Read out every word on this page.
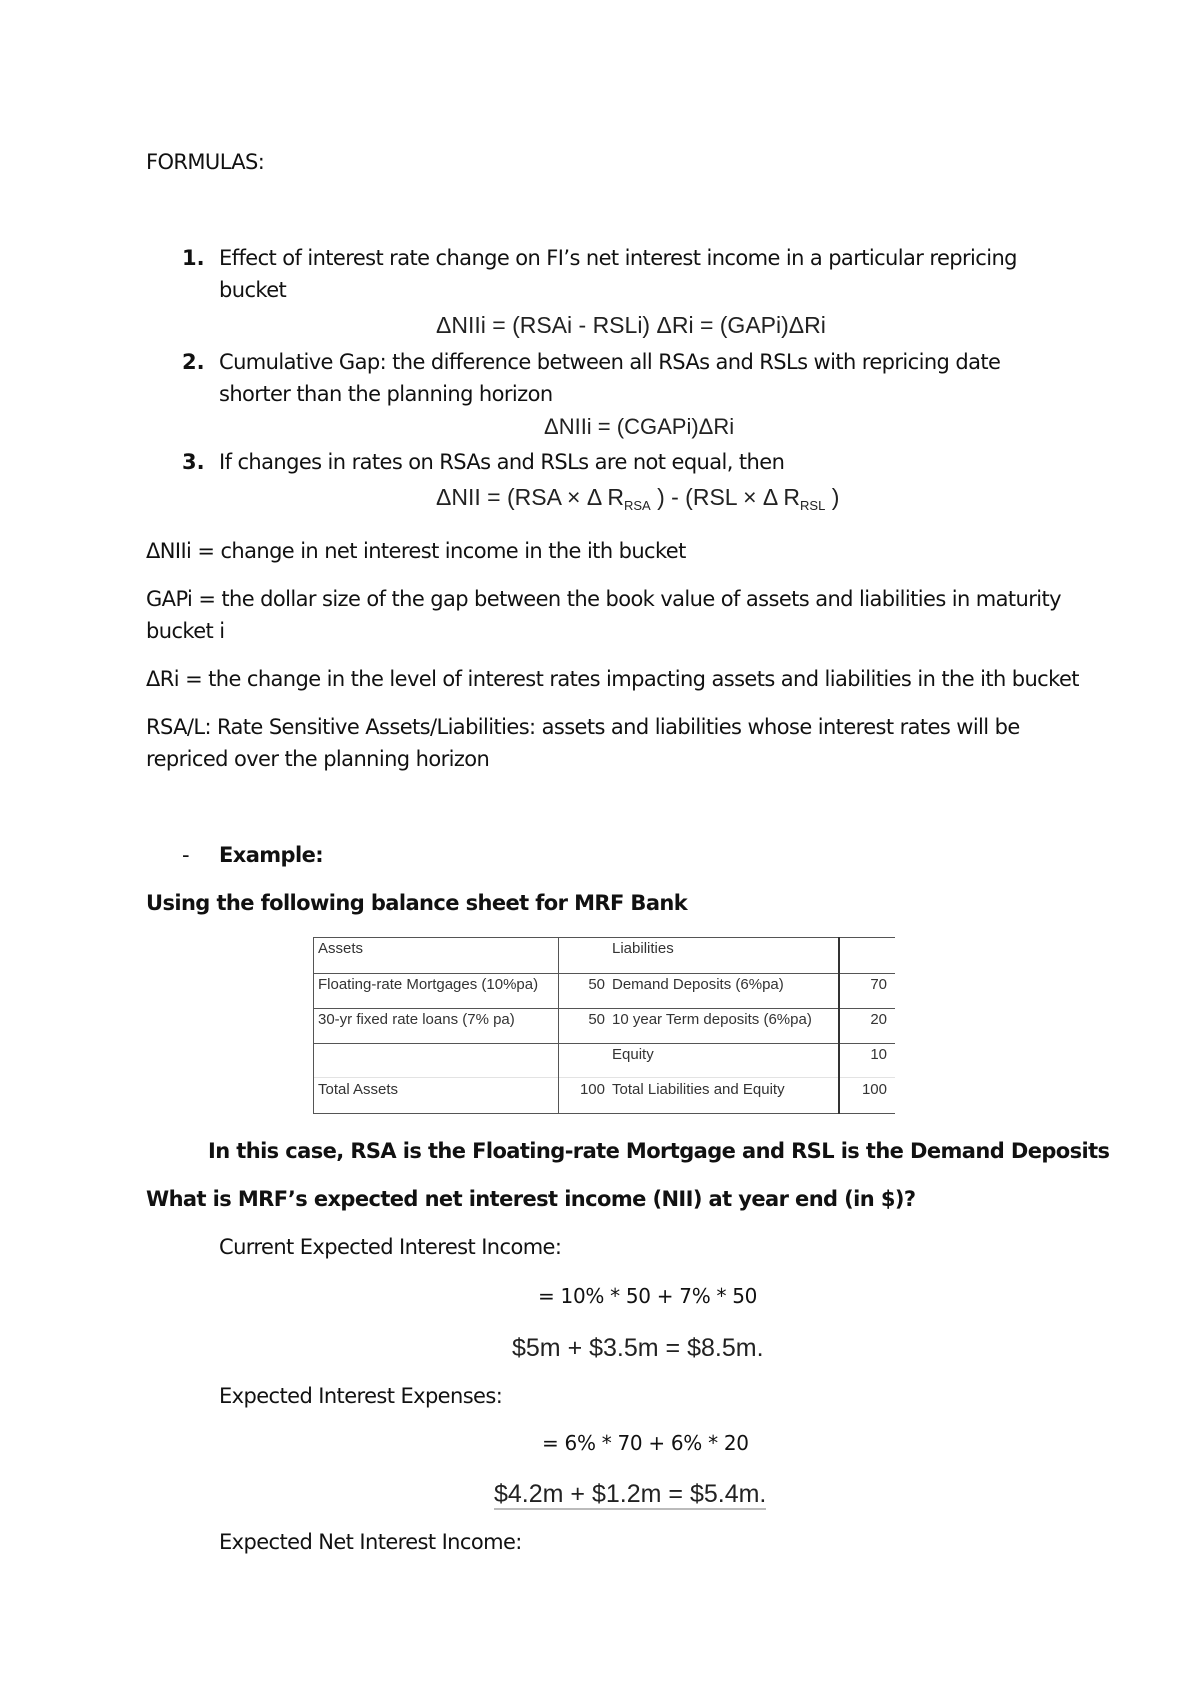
FORMULAS:
1. Effect of interest rate change on FI’s net interest income in a particular repricing
bucket
ΔNIIi = (RSAi - RSLi) ΔRi = (GAPi)ΔRi
2. Cumulative Gap: the difference between all RSAs and RSLs with repricing date
shorter than the planning horizon
ΔNIIi = (CGAPi)ΔRi
3. If changes in rates on RSAs and RSLs are not equal, then
ΔNII = (RSA × Δ $R_{RSA}$ ) - (RSL × Δ $R_{RSL}$ )
ΔNIIi = change in net interest income in the ith bucket
GAPi = the dollar size of the gap between the book value of assets and liabilities in maturity
bucket i
ΔRi = the change in the level of interest rates impacting assets and liabilities in the ith bucket
RSA/L: Rate Sensitive Assets/Liabilities: assets and liabilities whose interest rates will be
repriced over the planning horizon
- Example:
Using the following balance sheet for MRF Bank
Assets	Liabilities
Floating-rate Mortgages (10%pa)	50 Demand Deposits (6%pa)	70
30-yr fixed rate loans (7% pa)	50 10 year Term deposits (6%pa)	20
Equity	10
Total Assets	100 Total Liabilities and Equity	100
In this case, RSA is the Floating-rate Mortgage and RSL is the Demand Deposits
What is MRF’s expected net interest income (NII) at year end (in $)?
Current Expected Interest Income:
= 10% * 50 + 7% * 50
$5m + $3.5m = $8.5m.
Expected Interest Expenses:
= 6% * 70 + 6% * 20
$4.2m + $1.2m = $5.4m.
Expected Net Interest Income:
